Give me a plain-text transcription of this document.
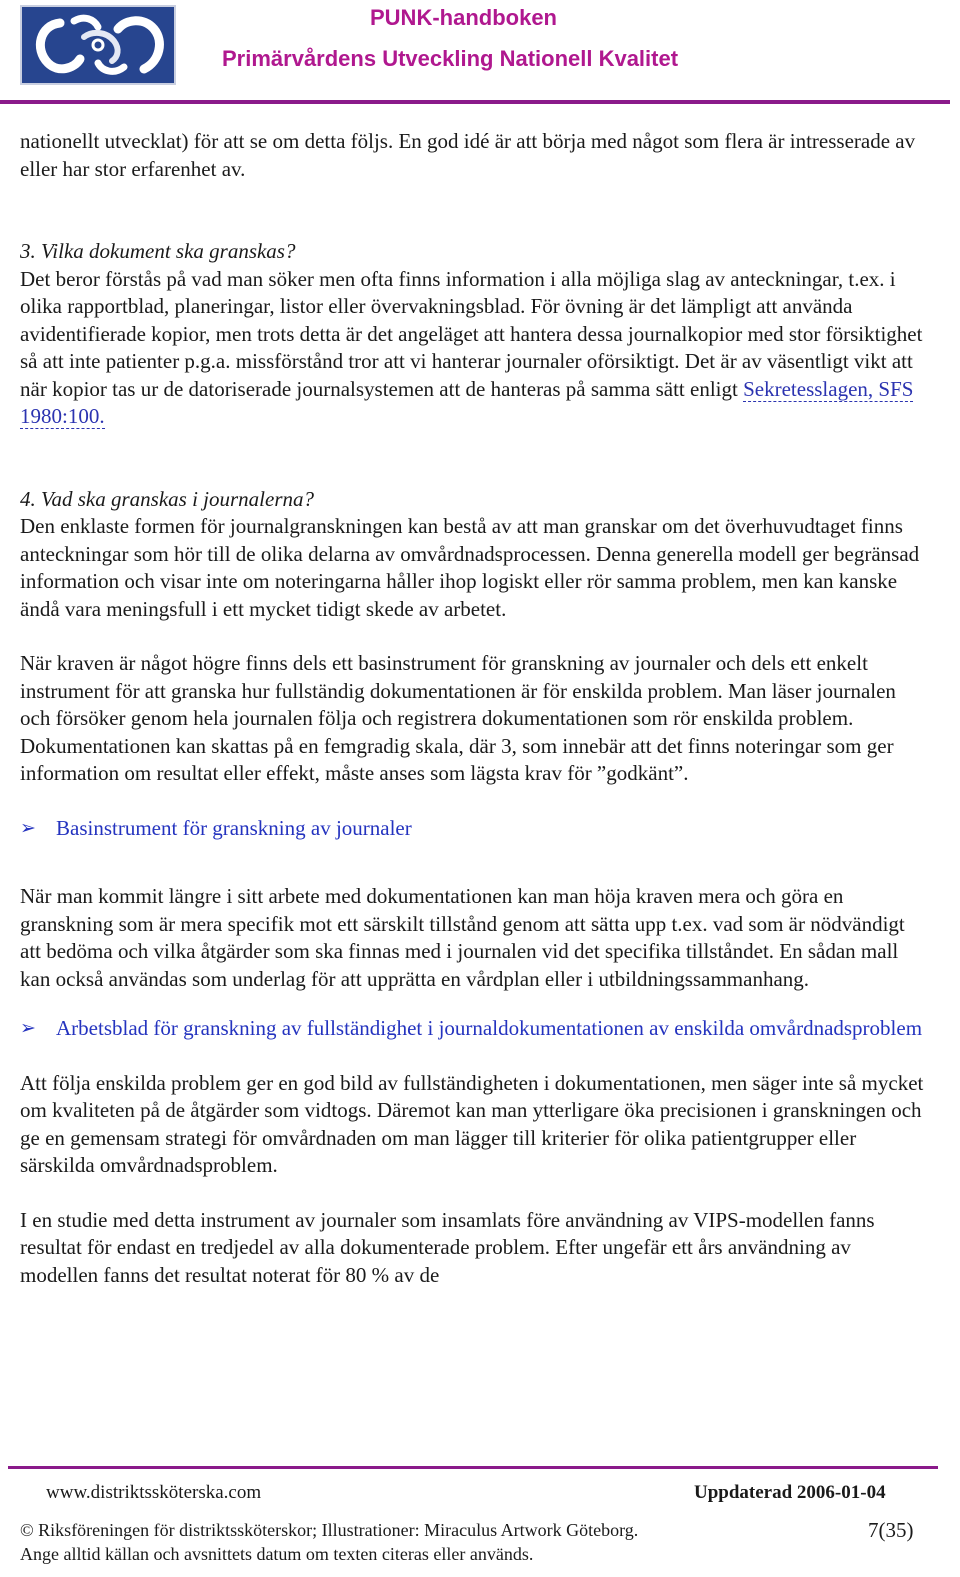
PUNK-handboken
Primärvårdens Utveckling Nationell Kvalitet

nationellt utvecklat) för att se om detta följs. En god idé är att börja med något som flera är intresserade av eller har stor erfarenhet av.

3. Vilka dokument ska granskas?

Det beror förstås på vad man söker men ofta finns information i alla möjliga slag av anteckningar, t.ex. i olika rapportblad, planeringar, listor eller övervakningsblad. För övning är det lämpligt att använda avidentifierade kopior, men trots detta är det angeläget att hantera dessa journalkopior med stor försiktighet så att inte patienter p.g.a. missförstånd tror att vi hanterar journaler oförsiktigt. Det är av väsentligt vikt att när kopior tas ur de datoriserade journalsystemen att de hanteras på samma sätt enligt Sekretesslagen, SFS 1980:100.

4. Vad ska granskas i journalerna?

Den enklaste formen för journalgranskningen kan bestå av att man granskar om det överhuvudtaget finns anteckningar som hör till de olika delarna av omvårdnadsprocessen. Denna generella modell ger begränsad information och visar inte om noteringarna håller ihop logiskt eller rör samma problem, men kan kanske ändå vara meningsfull i ett mycket tidigt skede av arbetet.

När kraven är något högre finns dels ett basinstrument för granskning av journaler och dels ett enkelt instrument för att granska hur fullständig dokumentationen är för enskilda problem. Man läser journalen och försöker genom hela journalen följa och registrera dokumentationen som rör enskilda problem. Dokumentationen kan skattas på en femgradig skala, där 3, som innebär att det finns noteringar som ger information om resultat eller effekt, måste anses som lägsta krav för ”godkänt”.

➢ Basinstrument för granskning av journaler

När man kommit längre i sitt arbete med dokumentationen kan man höja kraven mera och göra en granskning som är mera specifik mot ett särskilt tillstånd genom att sätta upp t.ex. vad som är nödvändigt att bedöma och vilka åtgärder som ska finnas med i journalen vid det specifika tillståndet. En sådan mall kan också användas som underlag för att upprätta en vårdplan eller i utbildningssammanhang.

➢ Arbetsblad för granskning av fullständighet i journaldokumentationen av enskilda omvårdnadsproblem

Att följa enskilda problem ger en god bild av fullständigheten i dokumentationen, men säger inte så mycket om kvaliteten på de åtgärder som vidtogs. Däremot kan man ytterligare öka precisionen i granskningen och ge en gemensam strategi för omvårdnaden om man lägger till kriterier för olika patientgrupper eller särskilda omvårdnadsproblem.

I en studie med detta instrument av journaler som insamlats före användning av VIPS-modellen fanns resultat för endast en tredjedel av alla dokumenterade problem. Efter ungefär ett års användning av modellen fanns det resultat noterat för 80 % av de

www.distriktssköterska.com	Uppdaterad 2006-01-04
© Riksföreningen för distriktssköterskor; Illustrationer: Miraculus Artwork Göteborg.	7(35)
Ange alltid källan och avsnittets datum om texten citeras eller används.
